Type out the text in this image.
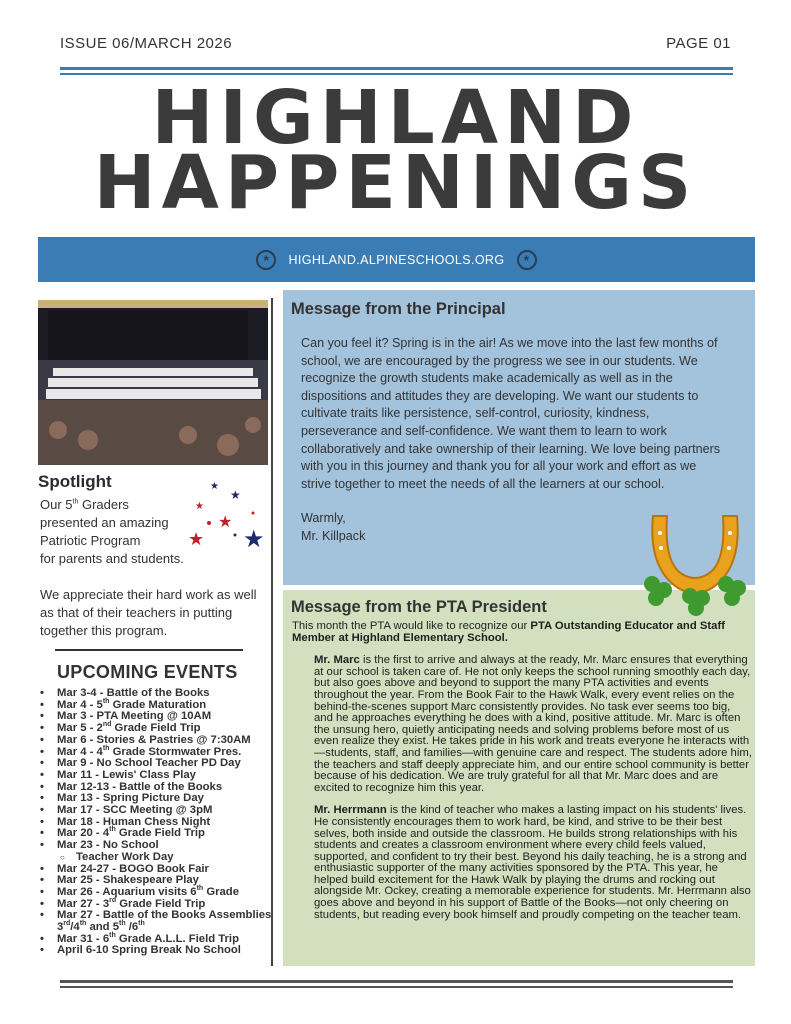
ISSUE 06/MARCH 2026	PAGE 01
HIGHLAND
HAPPENINGS
*	HIGHLAND.ALPINESCHOOLS.ORG	*
Spotlight
Our 5th Graders
presented an amazing
Patriotic Program
for parents and students.
★
★
★
★
★ ★
We appreciate their hard work as well as that of their teachers in putting together this program.
UPCOMING EVENTS
• Mar 3-4 - Battle of the Books
• Mar 4 - 5th Grade Maturation
• Mar 3 - PTA Meeting @ 10AM
• Mar 5 - 2nd Grade Field Trip
• Mar 6 - Stories & Pastries @ 7:30AM
• Mar 4 - 4th Grade Stormwater Pres.
• Mar 9 - No School Teacher PD Day
• Mar 11 - Lewis' Class Play
• Mar 12-13 - Battle of the Books
• Mar 13 - Spring Picture Day
• Mar 17 - SCC Meeting @ 3pM
• Mar 18 - Human Chess Night
• Mar 20 - 4th Grade Field Trip
• Mar 23 - No School
○ Teacher Work Day
• Mar 24-27 - BOGO Book Fair
• Mar 25 - Shakespeare Play
• Mar 26 - Aquarium visits 6th Grade
• Mar 27 - 3rd Grade Field Trip
• Mar 27 - Battle of the Books Assemblies 3rd/4th and 5th /6th
• Mar 31 - 6th Grade A.L.L. Field Trip
• April 6-10 Spring Break No School
Message from the Principal

Can you feel it? Spring is in the air! As we move into the last few months of school, we are encouraged by the progress we see in our students. We recognize the growth students make academically as well as in the dispositions and attitudes they are developing. We want our students to cultivate traits like persistence, self-control, curiosity, kindness, perseverance and self-confidence. We want them to learn to work collaboratively and take ownership of their learning. We love being partners with you in this journey and thank you for all your work and effort as we strive together to meet the needs of all the learners at our school.

Warmly,

Mr. Killpack

Message from the PTA President

This month the PTA would like to recognize our PTA Outstanding Educator and Staff Member at Highland Elementary School.

Mr. Marc is the first to arrive and always at the ready, Mr. Marc ensures that everything at our school is taken care of. He not only keeps the school running smoothly each day, but also goes above and beyond to support the many PTA activities and events throughout the year. From the Book Fair to the Hawk Walk, every event relies on the behind-the-scenes support Marc consistently provides. No task ever seems too big, and he approaches everything he does with a kind, positive attitude. Mr. Marc is often the unsung hero, quietly anticipating needs and solving problems before most of us even realize they exist. He takes pride in his work and treats everyone he interacts with—students, staff, and families—with genuine care and respect. The students adore him, the teachers and staff deeply appreciate him, and our entire school community is better because of his dedication. We are truly grateful for all that Mr. Marc does and are excited to recognize him this year.

Mr. Herrmann is the kind of teacher who makes a lasting impact on his students' lives. He consistently encourages them to work hard, be kind, and strive to be their best selves, both inside and outside the classroom. He builds strong relationships with his students and creates a classroom environment where every child feels valued, supported, and confident to try their best. Beyond his daily teaching, he is a strong and enthusiastic supporter of the many activities sponsored by the PTA. This year, he helped build excitement for the Hawk Walk by playing the drums and rocking out alongside Mr. Ockey, creating a memorable experience for students. Mr. Herrmann also goes above and beyond in his support of Battle of the Books—not only cheering on students, but reading every book himself and proudly competing on the teacher team.
